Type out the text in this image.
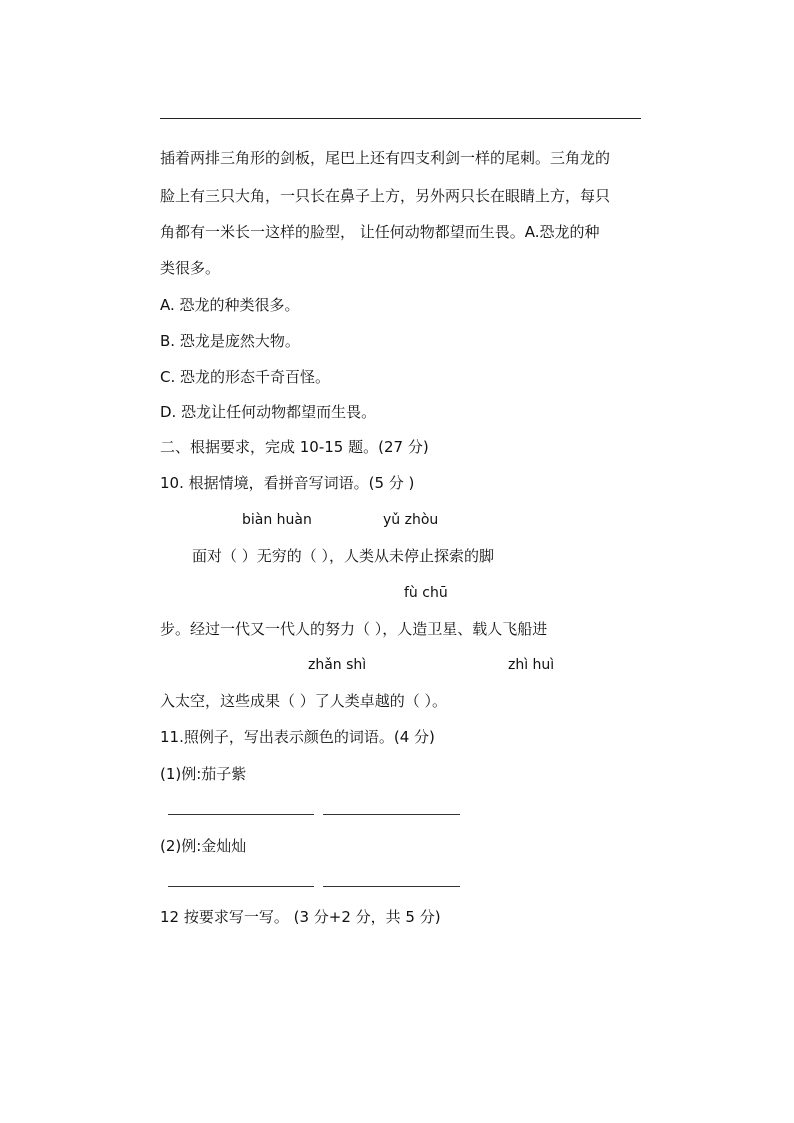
插着两排三角形的剑板，尾巴上还有四支利剑一样的尾刺。三角龙的
脸上有三只大角，一只长在鼻子上方，另外两只长在眼睛上方，每只
角都有一米长一这样的脸型， 让任何动物都望而生畏。A.恐龙的种
类很多。
A. 恐龙的种类很多。
B. 恐龙是庞然大物。
C. 恐龙的形态千奇百怪。
D. 恐龙让任何动物都望而生畏。
二、根据要求，完成 10-15 题。(27 分)
10. 根据情境，看拼音写词语。(5 分 )
biàn huàn	yǔ zhòu
面对（ ）无穷的（ ），人类从未停止探索的脚
fù chū
步。经过一代又一代人的努力（ ），人造卫星、载人飞船进
zhǎn shì	zhì huì
入太空，这些成果（ ）了人类卓越的（ ）。
11.照例子，写出表示颜色的词语。(4 分)
(1)例:茄子紫
(2)例:金灿灿
12 按要求写一写。 (3 分+2 分，共 5 分)
